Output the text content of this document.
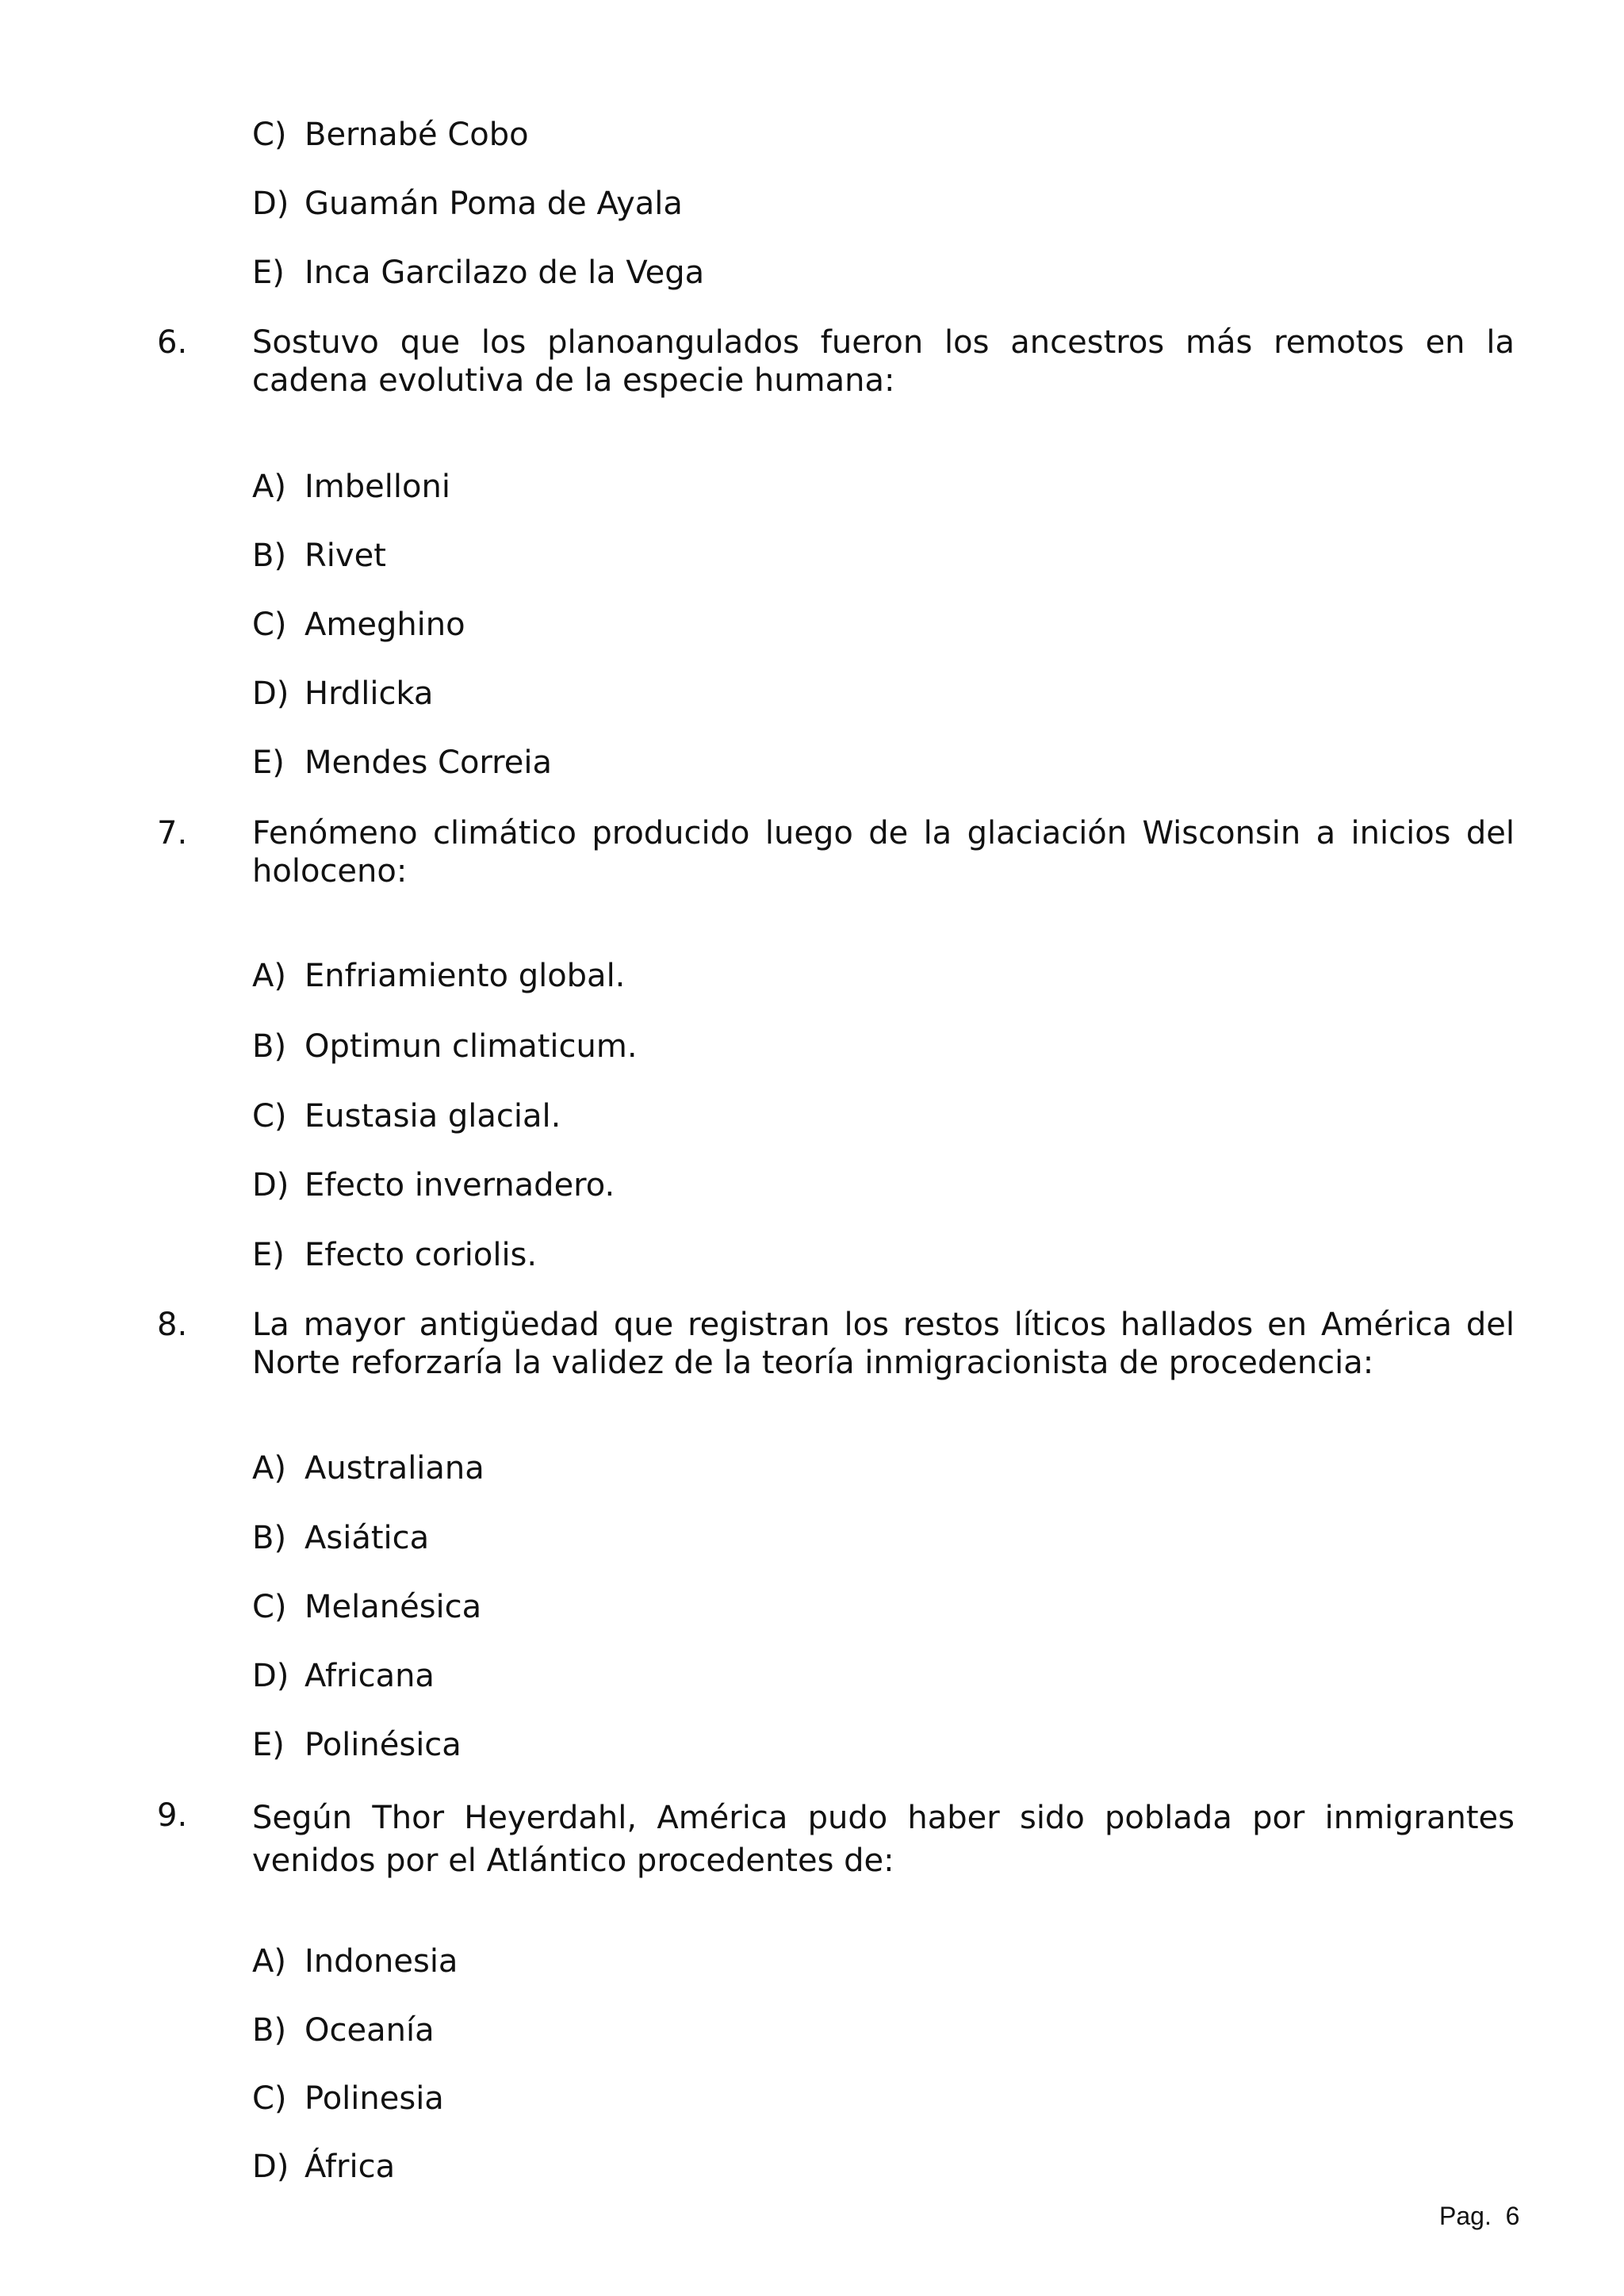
C) Bernabé Cobo
D) Guamán Poma de Ayala
E) Inca Garcilazo de la Vega
6. Sostuvo que los planoangulados fueron los ancestros más remotos en la cadena evolutiva de la especie humana:
A) Imbelloni
B) Rivet
C) Ameghino
D) Hrdlicka
E) Mendes Correia
7. Fenómeno climático producido luego de la glaciación Wisconsin a inicios del holoceno:
A) Enfriamiento global.
B) Optimun climaticum.
C) Eustasia glacial.
D) Efecto invernadero.
E) Efecto coriolis.
8. La mayor antigüedad que registran los restos líticos hallados en América del Norte reforzaría la validez de la teoría inmigracionista de procedencia:
A) Australiana
B) Asiática
C) Melanésica
D) Africana
E) Polinésica
9. Según Thor Heyerdahl, América pudo haber sido poblada por inmigrantes venidos por el Atlántico procedentes de:
A) Indonesia
B) Oceanía
C) Polinesia
D) África
Pag.  6
